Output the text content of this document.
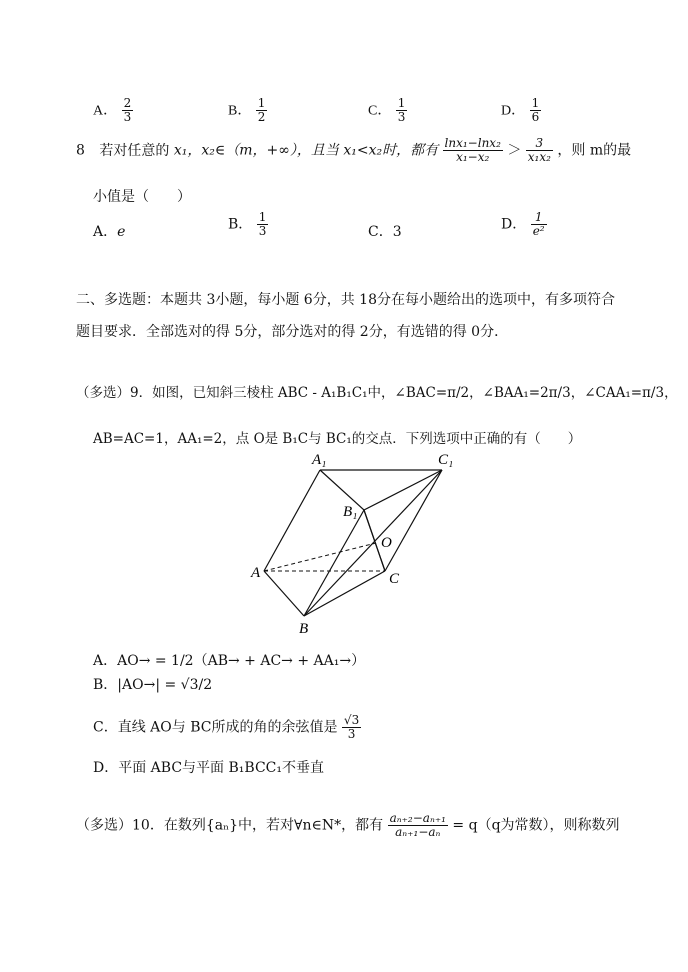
A． $\frac{2}{3}$	B． $\frac{1}{2}$	C． $\frac{1}{3}$	D． $\frac{1}{6}$
8 若对任意的 x₁，x₂∈（m，+∞），且当 x₁<x₂时，都有 $\frac{\text{lnx₁−lnx₂}}{\text{x₁−x₂}} > \frac{3}{\text{x₁x₂}}$ ，则 m的最
小值是（　　）
A．e	B． $\frac{1}{3}$	C．3	D． $\frac{1}{\text{e²}}$
二、多选题：本题共 3小题，每小题 6分，共 18分在每小题给出的选项中，有多项符合
题目要求．全部选对的得 5分，部分选对的得 2分，有选错的得 0分．
（多选）9．如图，已知斜三棱柱 ABC - A₁B₁C₁中，∠BAC=π/2，∠BAA₁=2π/3，∠CAA₁=π/3，
AB=AC=1，AA₁=2，点 O是 B₁C与 BC₁的交点．下列选项中正确的有（　　）
A₁	C₁
B₁
O
A	C
B
A．AO→ = 1/2（AB→ + AC→ + AA₁→）
B．|AO→| = √3/2
C．直线 AO与 BC所成的角的余弦值是 $\frac{√3}{3}$
D．平面 ABC与平面 B₁BCC₁不垂直
（多选）10．在数列{aₙ}中，若对∀n∈N*，都有 $\frac{\text{aₙ₊₂−aₙ₊₁}}{\text{aₙ₊₁−aₙ}} = q(q$为常数），则称数列
